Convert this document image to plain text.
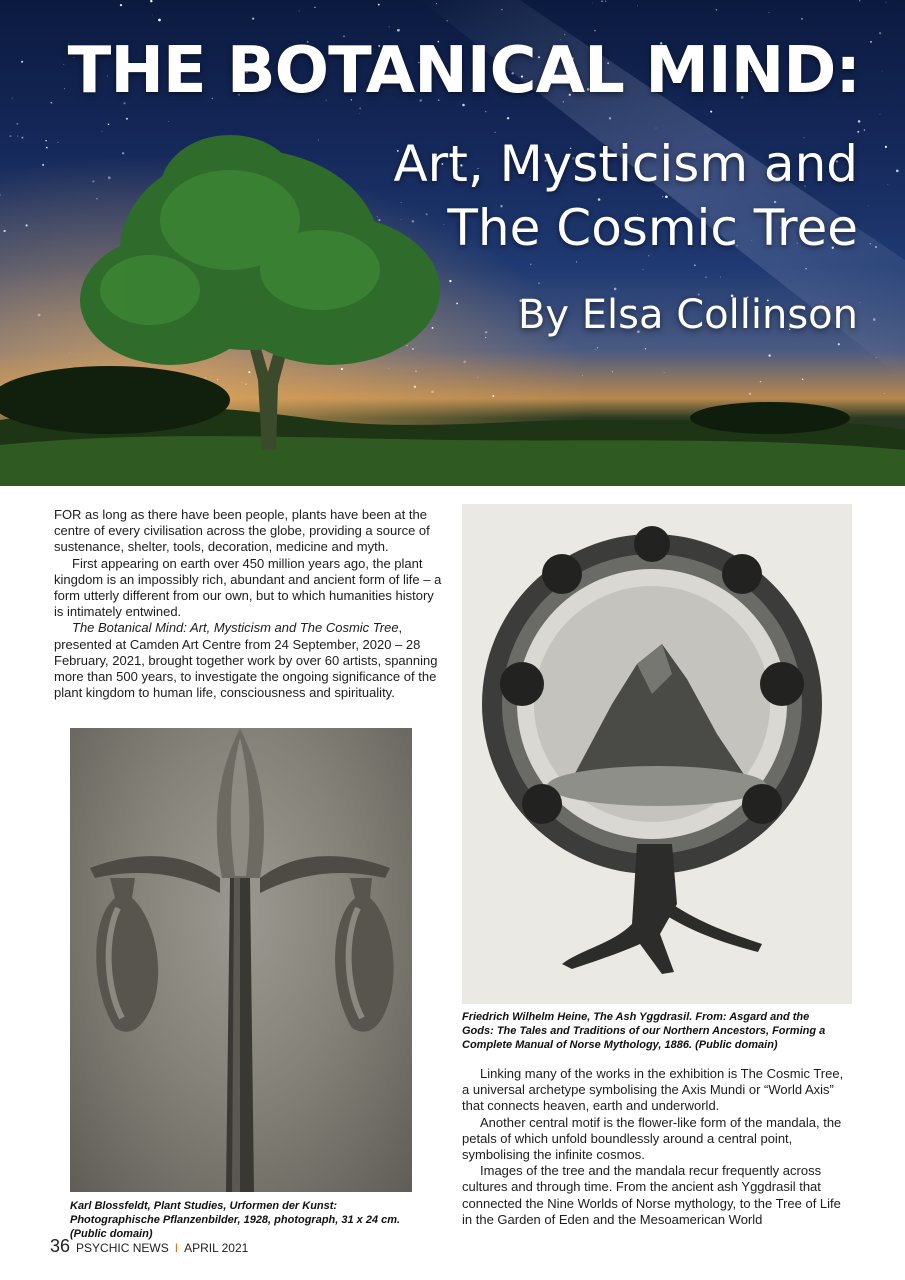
THE BOTANICAL MIND:
Art, Mysticism and
The Cosmic Tree
By Elsa Collinson

FOR as long as there have been people, plants have been at the centre of every civilisation across the globe, providing a source of sustenance, shelter, tools, decoration, medicine and myth.

First appearing on earth over 450 million years ago, the plant kingdom is an impossibly rich, abundant and ancient form of life – a form utterly different from our own, but to which humanities history is intimately entwined.

The Botanical Mind: Art, Mysticism and The Cosmic Tree, presented at Camden Art Centre from 24 September, 2020 – 28 February, 2021, brought together work by over 60 artists, spanning more than 500 years, to investigate the ongoing significance of the plant kingdom to human life, consciousness and spirituality.

Karl Blossfeldt, Plant Studies, Urformen der Kunst: Photographische Pflanzenbilder, 1928, photograph, 31 x 24 cm. (Public domain)
Friedrich Wilhelm Heine, The Ash Yggdrasil. From: Asgard and the Gods: The Tales and Traditions of our Northern Ancestors, Forming a Complete Manual of Norse Mythology, 1886. (Public domain)

Linking many of the works in the exhibition is The Cosmic Tree, a universal archetype symbolising the Axis Mundi or “World Axis” that connects heaven, earth and underworld.

Another central motif is the flower-like form of the mandala, the petals of which unfold boundlessly around a central point, symbolising the infinite cosmos.

Images of the tree and the mandala recur frequently across cultures and through time. From the ancient ash Yggdrasil that connected the Nine Worlds of Norse mythology, to the Tree of Life in the Garden of Eden and the Mesoamerican World

36 PSYCHIC NEWS I APRIL 2021
